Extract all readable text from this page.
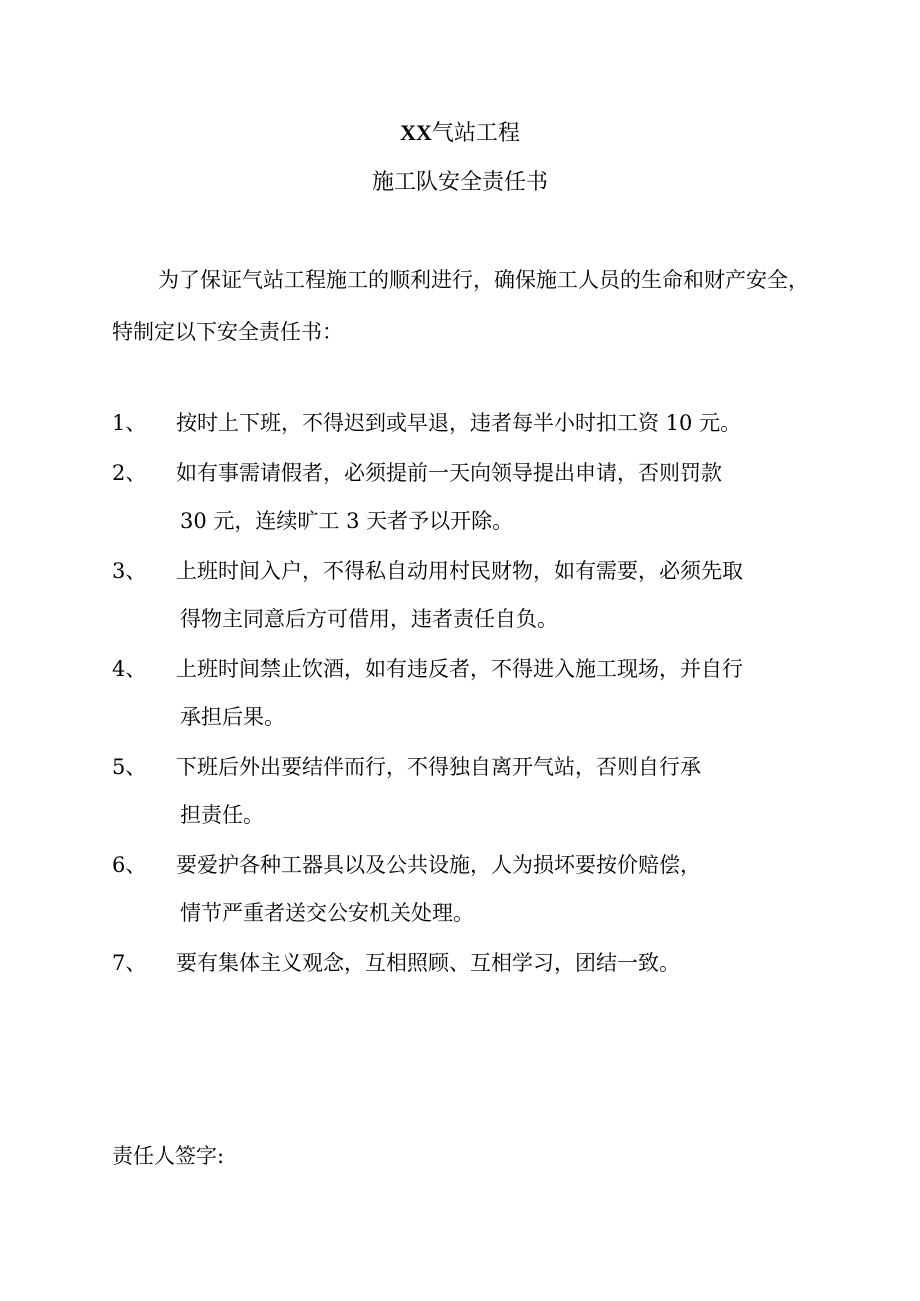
XX气站工程
施工队安全责任书
为了保证气站工程施工的顺利进行，确保施工人员的生命和财产安全，特制定以下安全责任书：
1、 按时上下班，不得迟到或早退，违者每半小时扣工资 10 元。
2、 如有事需请假者，必须提前一天向领导提出申请，否则罚款
30 元，连续旷工 3 天者予以开除。
3、 上班时间入户，不得私自动用村民财物，如有需要，必须先取
得物主同意后方可借用，违者责任自负。
4、 上班时间禁止饮酒，如有违反者，不得进入施工现场，并自行
承担后果。
5、 下班后外出要结伴而行，不得独自离开气站，否则自行承
担责任。
6、 要爱护各种工器具以及公共设施，人为损坏要按价赔偿，
情节严重者送交公安机关处理。
7、 要有集体主义观念，互相照顾、互相学习，团结一致。
责任人签字:
